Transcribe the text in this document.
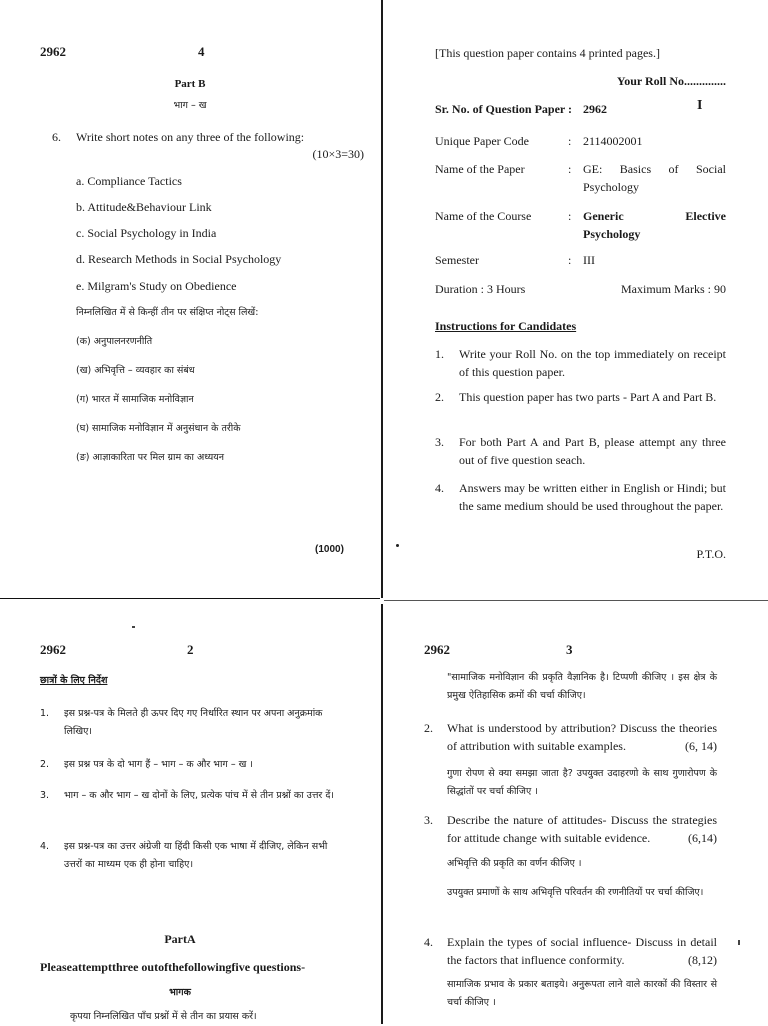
2962	4
Part B
भाग – ख
6. Write short notes on any three of the following:
(10×3=30)
a. Compliance Tactics
b. Attitude&Behaviour Link
c. Social Psychology in India
d. Research Methods in Social Psychology
e. Milgram's Study on Obedience
निम्नलिखित में से किन्हीं तीन पर संक्षिप्त नोट्स लिखें:
(क) अनुपालनरणनीति
(ख) अभिवृत्ति – व्यवहार का संबंध
(ग) भारत में सामाजिक मनोविज्ञान
(घ) सामाजिक मनोविज्ञान में अनुसंधान के तरीके
(ङ) आज्ञाकारिता पर मिल ग्राम का अध्ययन
(1000)
[This question paper contains 4 printed pages.]
Your Roll No..............
Sr. No. of Question Paper : 2962	I
Unique Paper Code	: 2114002001
Name of the Paper	: GE: Basics of Social Psychology
Name of the Course	: Generic Elective Psychology
Semester	: III
Duration : 3 Hours	Maximum Marks : 90
Instructions for Candidates
1. Write your Roll No. on the top immediately on receipt of this question paper.
2. This question paper has two parts - Part A and Part B.
3. For both Part A and Part B, please attempt any three out of five question seach.
4. Answers may be written either in English or Hindi; but the same medium should be used throughout the paper.
P.T.O.
2962	2
छात्रों के लिए निर्देश
1. इस प्रश्न-पत्र के मिलते ही ऊपर दिए गए निर्धारित स्थान पर अपना अनुक्रमांक लिखिए।
2. इस प्रश्न पत्र के दो भाग हैं – भाग – क और भाग – ख ।
3. भाग – क और भाग – ख दोनों के लिए, प्रत्येक पांच में से तीन प्रश्नों का उत्तर दें।
4. इस प्रश्न-पत्र का उत्तर अंग्रेजी या हिंदी किसी एक भाषा में दीजिए, लेकिन सभी उत्तरों का माध्यम एक ही होना चाहिए।
PartA
Pleaseattemptthree outofthefollowingfive questions-
भागक
कृपया निम्नलिखित पाँच प्रश्नों में से तीन का प्रयास करें।
2962	3
"सामाजिक मनोविज्ञान की प्रकृति वैज्ञानिक है। टिप्पणी कीजिए । इस क्षेत्र के प्रमुख ऐतिहासिक क्रमों की चर्चा कीजिए।
2. What is understood by attribution? Discuss the theories of attribution with suitable examples.	(6, 14)
गुणा रोपण से क्या समझा जाता है? उपयुक्त उदाहरणो के साथ गुणारोपण के सिद्धांतों पर चर्चा कीजिए ।
3. Describe the nature of attitudes- Discuss the strategies for attitude change with suitable evidence.	(6,14)
अभिवृत्ति की प्रकृति का वर्णन कीजिए ।
उपयुक्त प्रमाणों के साथ अभिवृत्ति परिवर्तन की रणनीतियों पर चर्चा कीजिए।
4. Explain the types of social influence- Discuss in detail the factors that influence conformity.	(8,12)
सामाजिक प्रभाव के प्रकार बताइये। अनुरूपता लाने वाले कारकों की विस्तार से चर्चा कीजिए ।
